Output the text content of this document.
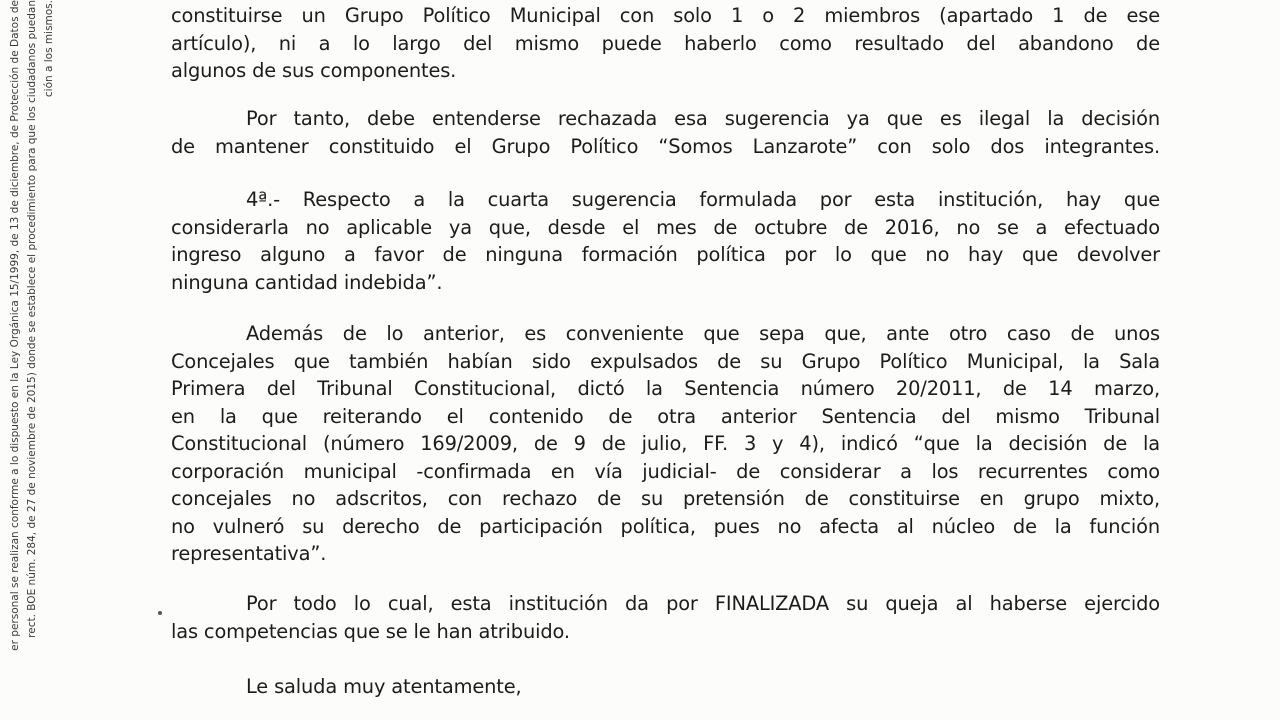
er personal se realizan conforme a lo dispuesto en la Ley Orgánica 15/1999, de 13 de diciembre, de Protección de Datos de rect. BOE núm. 284, de 27 de noviembre de 2015) donde se establece el procedimiento para que los ciudadanos puedan ción a los mismos.	constituirse un Grupo Político Municipal con solo 1 o 2 miembros (apartado 1 de ese
artículo), ni a lo largo del mismo puede haberlo como resultado del abandono de
algunos de sus componentes.
Por tanto, debe entenderse rechazada esa sugerencia ya que es ilegal la decisión
de mantener constituido el Grupo Político “Somos Lanzarote” con solo dos integrantes.
4ª.- Respecto a la cuarta sugerencia formulada por esta institución, hay que
considerarla no aplicable ya que, desde el mes de octubre de 2016, no se a efectuado
ingreso alguno a favor de ninguna formación política por lo que no hay que devolver
ninguna cantidad indebida”.
Además de lo anterior, es conveniente que sepa que, ante otro caso de unos
Concejales que también habían sido expulsados de su Grupo Político Municipal, la Sala
Primera del Tribunal Constitucional, dictó la Sentencia número 20/2011, de 14 marzo,
en la que reiterando el contenido de otra anterior Sentencia del mismo Tribunal
Constitucional (número 169/2009, de 9 de julio, FF. 3 y 4), indicó “que la decisión de la
corporación municipal -confirmada en vía judicial- de considerar a los recurrentes como
concejales no adscritos, con rechazo de su pretensión de constituirse en grupo mixto,
no vulneró su derecho de participación política, pues no afecta al núcleo de la función
representativa”.
Por todo lo cual, esta institución da por FINALIZADA su queja al haberse ejercido
las competencias que se le han atribuido.
Le saluda muy atentamente,
